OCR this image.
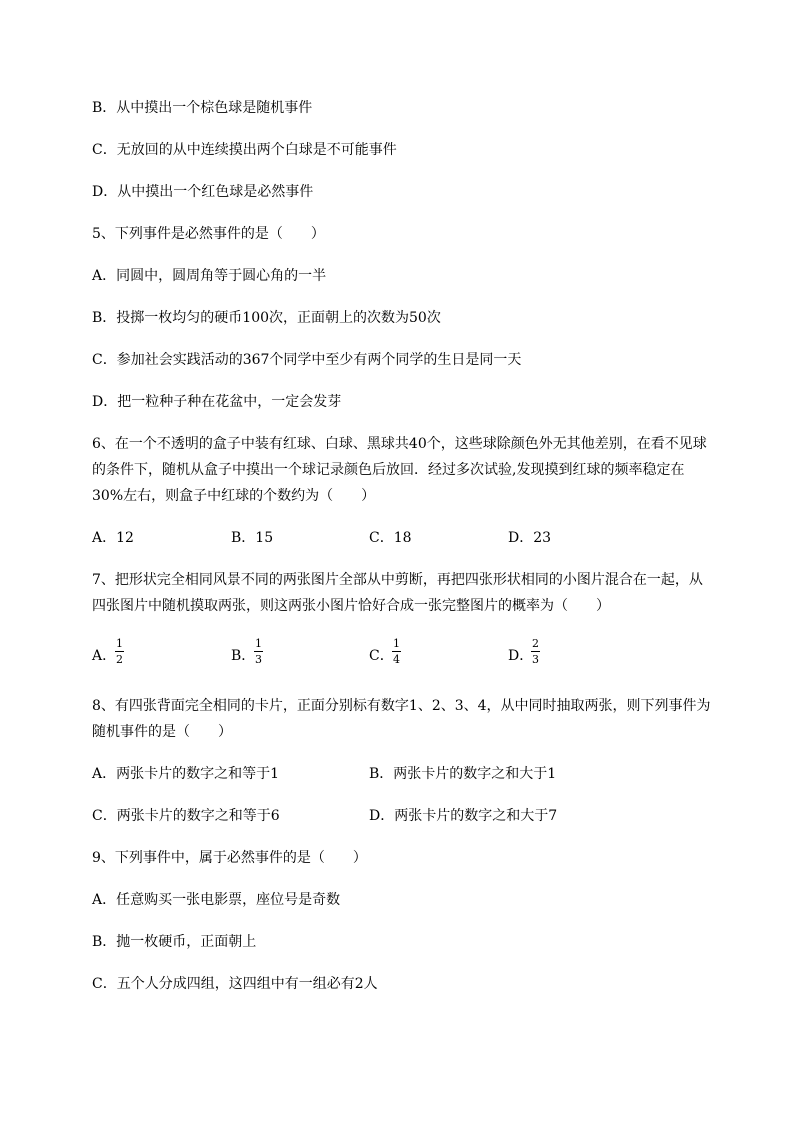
B．从中摸出一个棕色球是随机事件
C．无放回的从中连续摸出两个白球是不可能事件
D．从中摸出一个红色球是必然事件
5、下列事件是必然事件的是（　　）
A．同圆中，圆周角等于圆心角的一半
B．投掷一枚均匀的硬币100次，正面朝上的次数为50次
C．参加社会实践活动的367个同学中至少有两个同学的生日是同一天
D．把一粒种子种在花盆中，一定会发芽
6、在一个不透明的盒子中装有红球、白球、黑球共40个，这些球除颜色外无其他差别，在看不见球
的条件下，随机从盒子中摸出一个球记录颜色后放回．经过多次试验,发现摸到红球的频率稳定在
30%左右，则盒子中红球的个数约为（　　）
A．12	B．15	C．18	D．23
7、把形状完全相同风景不同的两张图片全部从中剪断，再把四张形状相同的小图片混合在一起，从
四张图片中随机摸取两张，则这两张小图片恰好合成一张完整图片的概率为（　　）
A．
1
2	B．
1
3	C．
1
4	D．
2
3
8、有四张背面完全相同的卡片，正面分别标有数字1、2、3、4，从中同时抽取两张，则下列事件为
随机事件的是（　　）
A．两张卡片的数字之和等于1	B．两张卡片的数字之和大于1
C．两张卡片的数字之和等于6	D．两张卡片的数字之和大于7
9、下列事件中，属于必然事件的是（　　）
A．任意购买一张电影票，座位号是奇数
B．抛一枚硬币，正面朝上
C．五个人分成四组，这四组中有一组必有2人
